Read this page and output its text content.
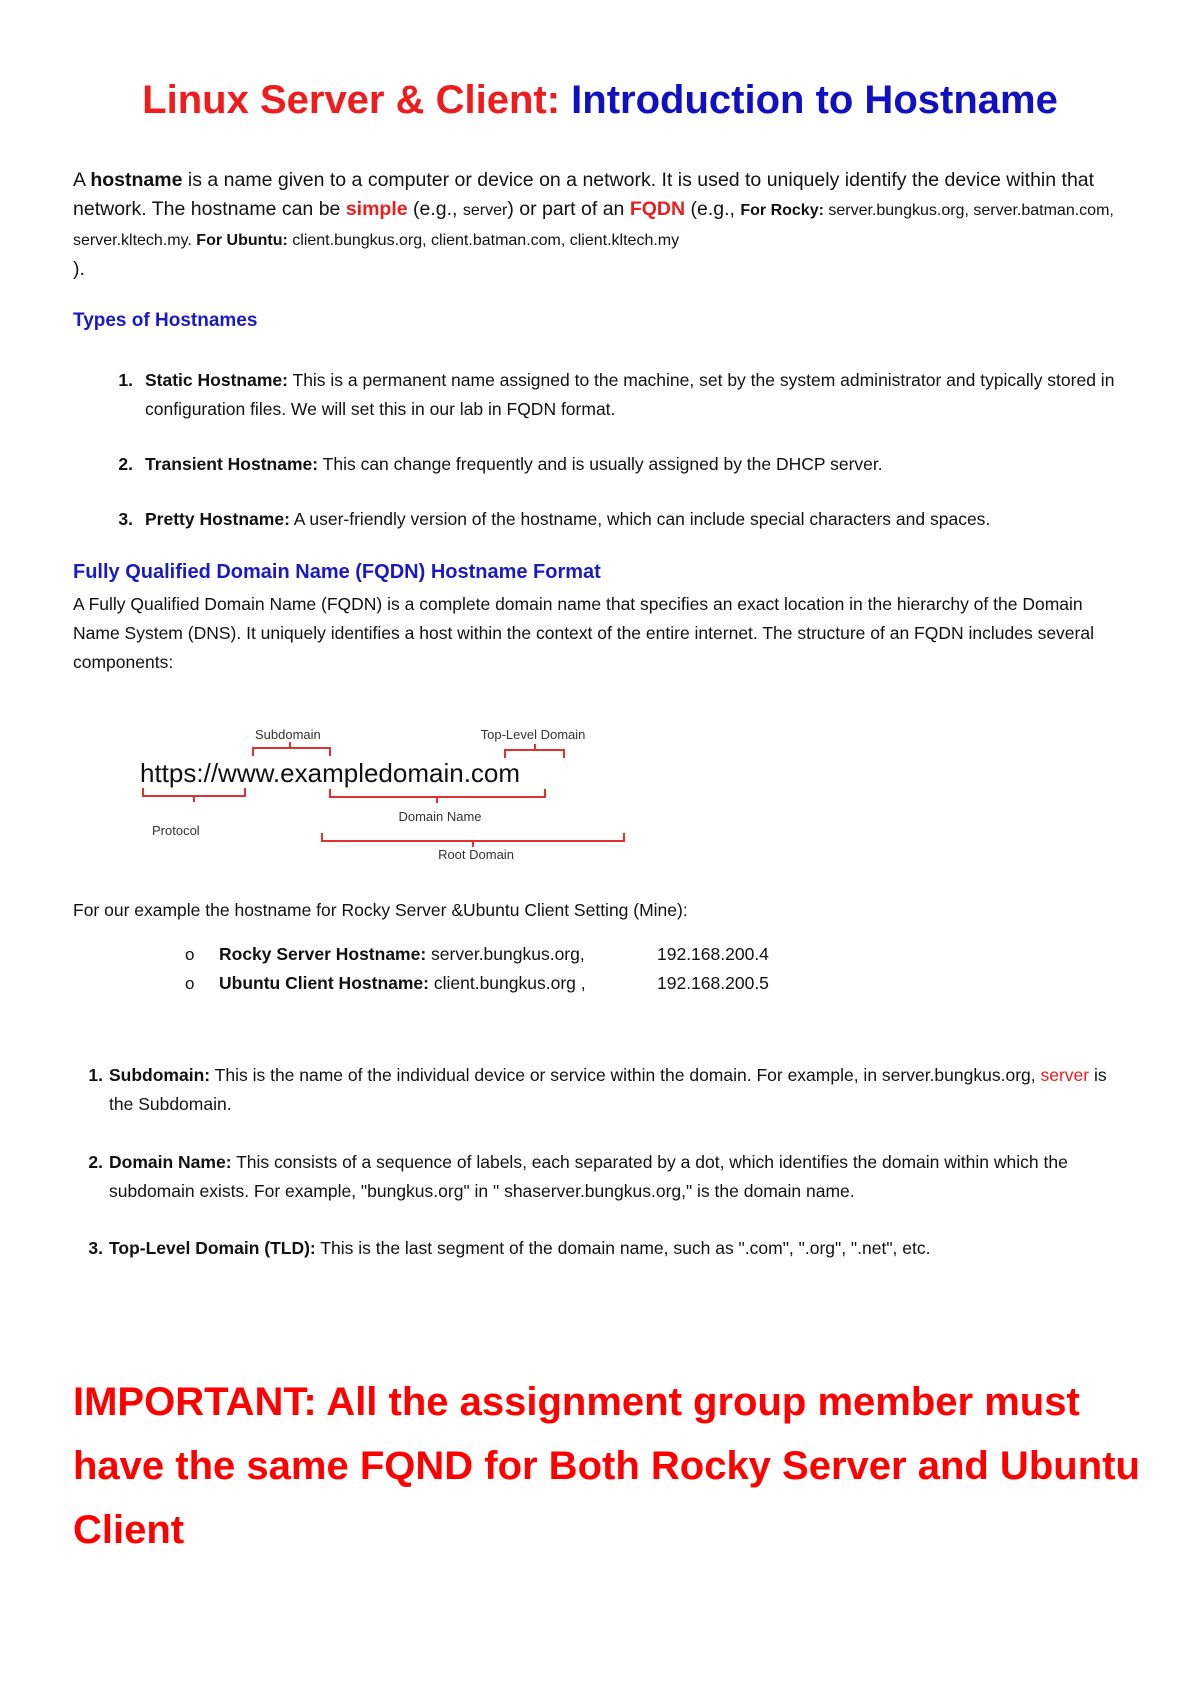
Linux Server & Client: Introduction to Hostname
A hostname is a name given to a computer or device on a network. It is used to uniquely identify the device within that network. The hostname can be simple (e.g., server) or part of an FQDN (e.g., For Rocky: server.bungkus.org, server.batman.com, server.kltech.my. For Ubuntu: client.bungkus.org, client.batman.com, client.kltech.my
).
Types of Hostnames
1. Static Hostname: This is a permanent name assigned to the machine, set by the system administrator and typically stored in configuration files. We will set this in our lab in FQDN format.
2. Transient Hostname: This can change frequently and is usually assigned by the DHCP server.
3. Pretty Hostname: A user-friendly version of the hostname, which can include special characters and spaces.
Fully Qualified Domain Name (FQDN) Hostname Format
A Fully Qualified Domain Name (FQDN) is a complete domain name that specifies an exact location in the hierarchy of the Domain Name System (DNS). It uniquely identifies a host within the context of the entire internet. The structure of an FQDN includes several components:
Subdomain	Top-Level Domain
https://www.exampledomain.com
Protocol
Domain Name
Root Domain
For our example the hostname for Rocky Server &Ubuntu Client Setting (Mine):
o Rocky Server Hostname: server.bungkus.org,	192.168.200.4
o Ubuntu Client Hostname: client.bungkus.org ,	192.168.200.5
1. Subdomain: This is the name of the individual device or service within the domain. For example, in server.bungkus.org, server is the Subdomain.
2. Domain Name: This consists of a sequence of labels, each separated by a dot, which identifies the domain within which the subdomain exists. For example, "bungkus.org" in " shaserver.bungkus.org," is the domain name.
3. Top-Level Domain (TLD): This is the last segment of the domain name, such as ".com", ".org", ".net", etc.
IMPORTANT: All the assignment group member must have the same FQND for Both Rocky Server and Ubuntu Client
